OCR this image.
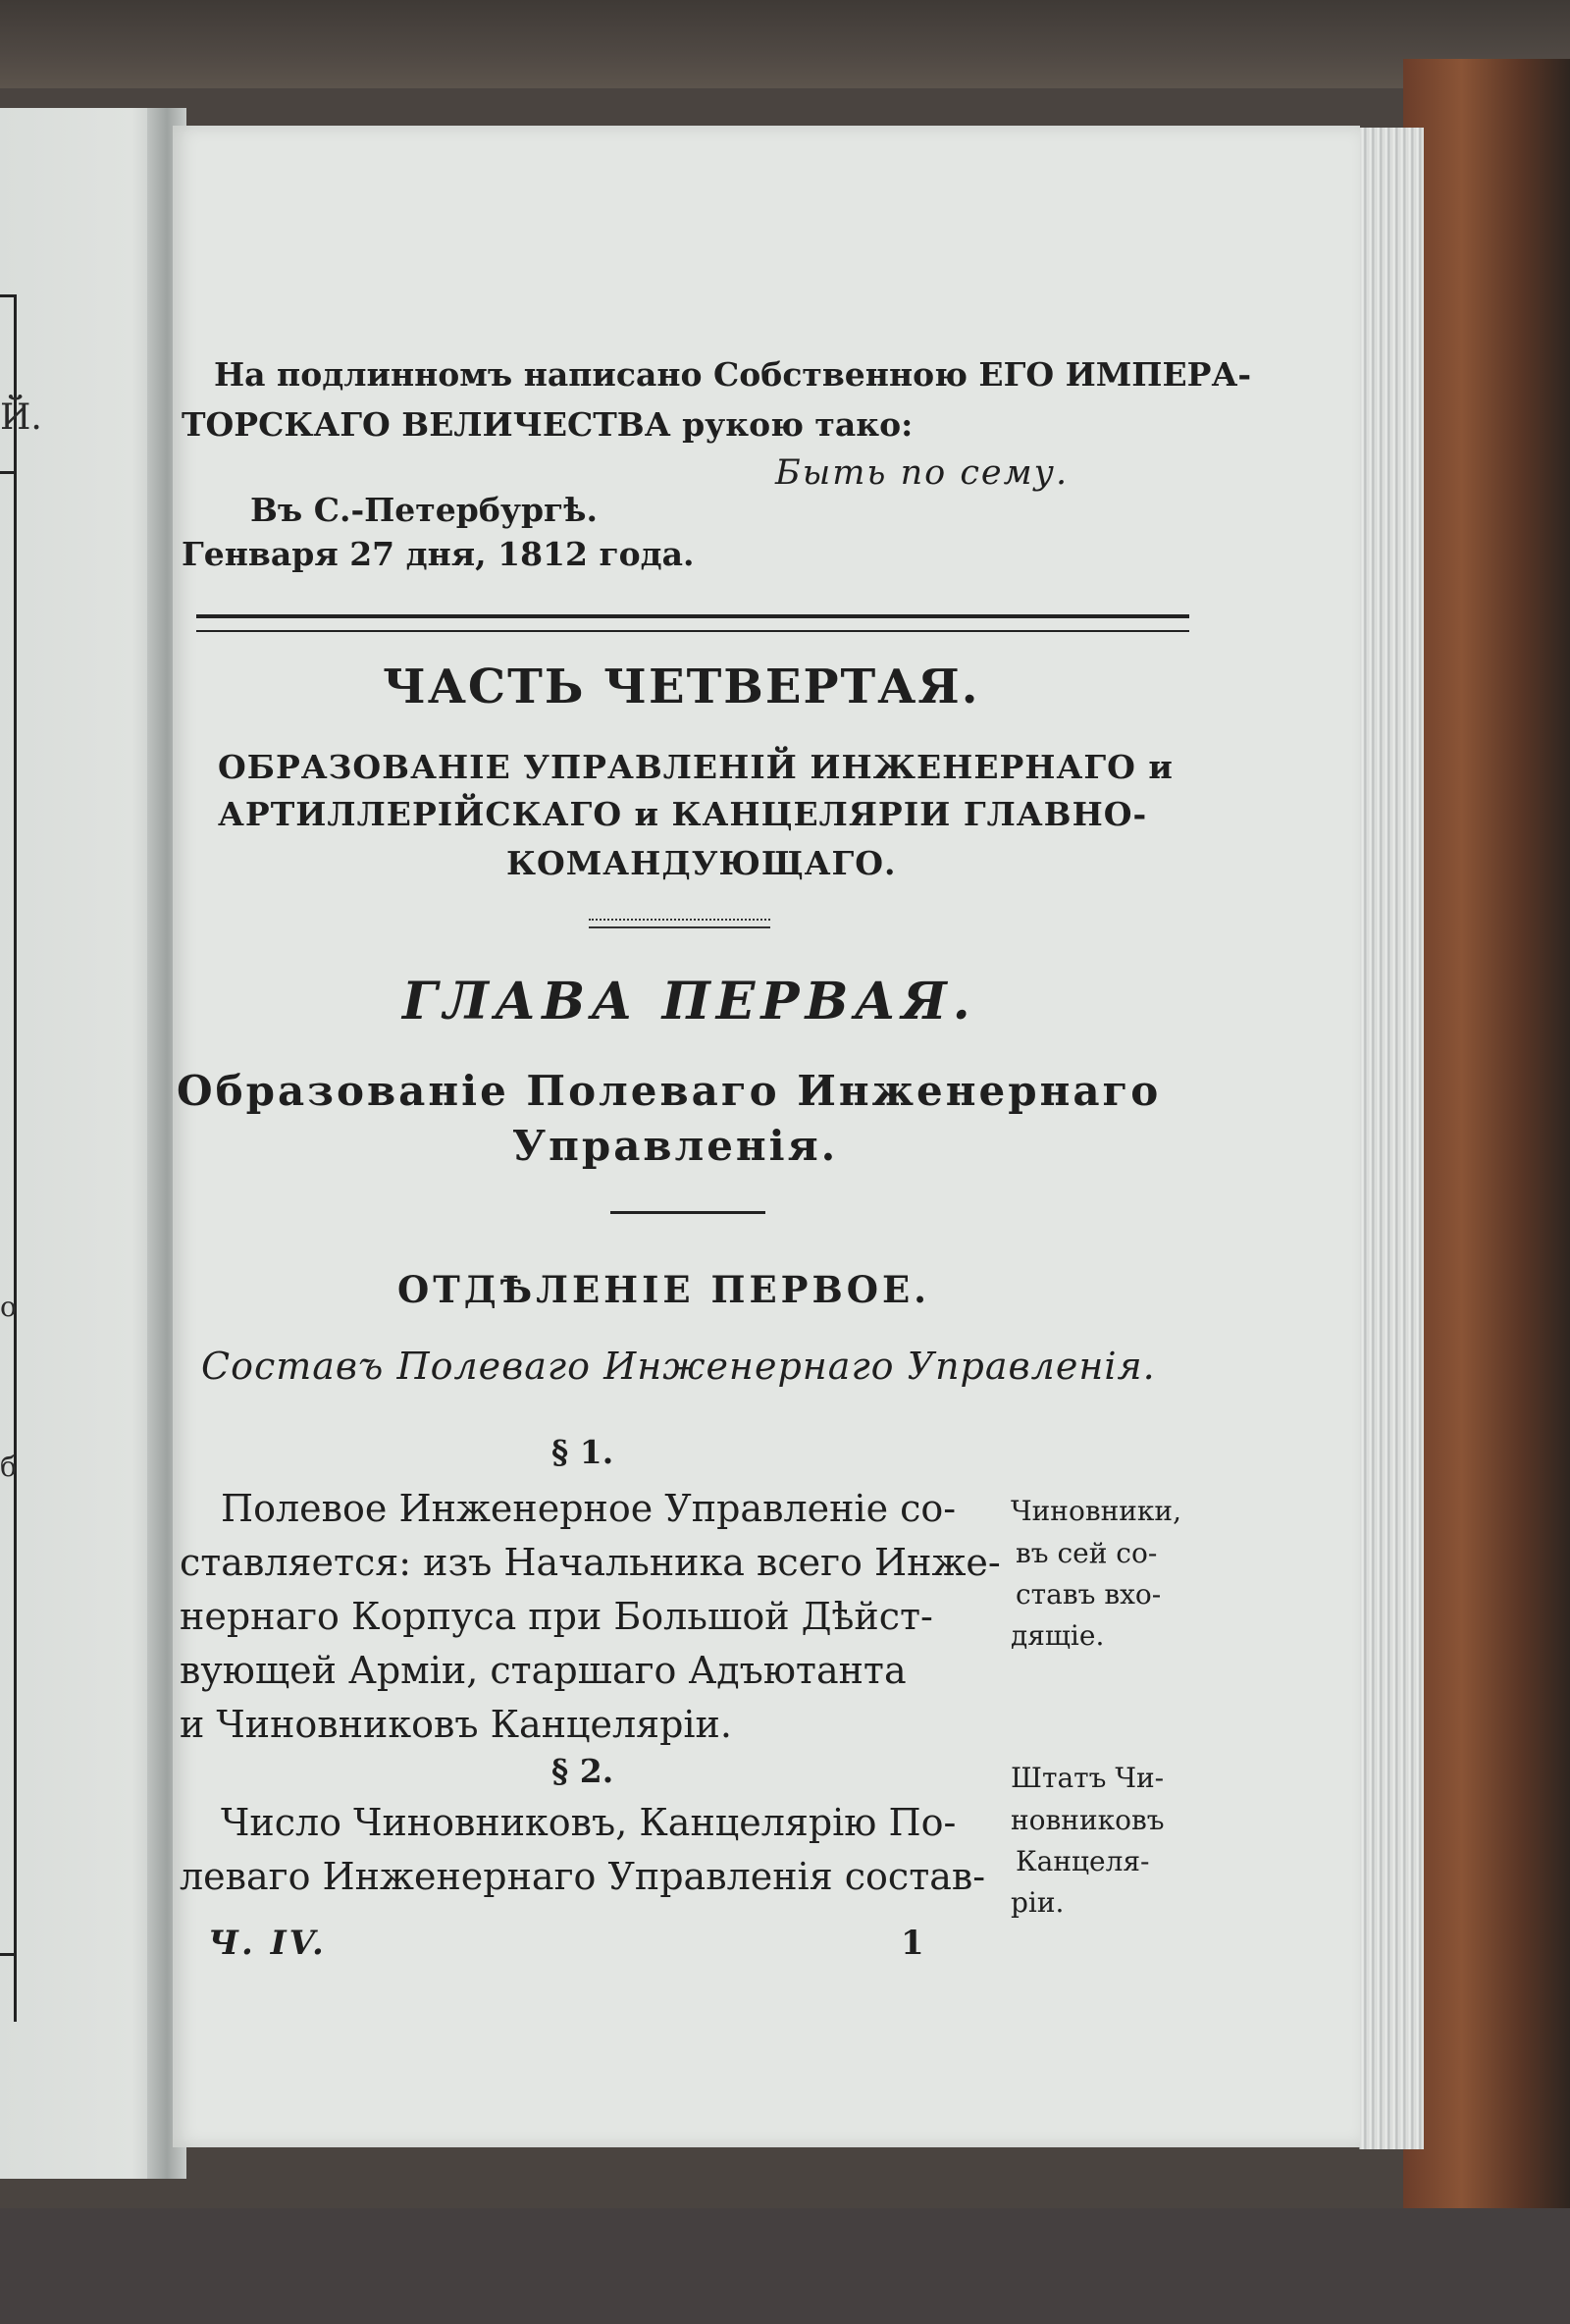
Й.
о
б
На подлинномъ написано Собственною ЕГО ИМПЕРА-
ТОРСКАГО ВЕЛИЧЕСТВА рукою тако:
Быть по сему.
Въ С.-Петербургѣ.
Генваря 27 дня, 1812 года.
ЧАСТЬ ЧЕТВЕРТАЯ.
ОБРАЗОВАНІЕ УПРАВЛЕНІЙ ИНЖЕНЕРНАГО и
АРТИЛЛЕРІЙСКАГО и КАНЦЕЛЯРІИ ГЛАВНО-
КОМАНДУЮЩАГО.
ГЛАВА ПЕРВАЯ.
Образованіе Полеваго Инженернаго
Управленія.
ОТДѢЛЕНІЕ ПЕРВОЕ.
Составъ Полеваго Инженернаго Управленія.
§ 1.
Полевое Инженерное Управленіе со-
ставляется: изъ Начальника всего Инже-
нернаго Корпуса при Большой Дѣйст-
вующей Арміи, старшаго Адъютанта
и Чиновниковъ Канцеляріи.
Чиновники,
въ сей со-
ставъ вхо-
дящіе.
§ 2.
Число Чиновниковъ, Канцелярію По-
леваго Инженернаго Управленія состав-
Штатъ Чи-
новниковъ
Канцеля-
ріи.
Ч. IV.	1
